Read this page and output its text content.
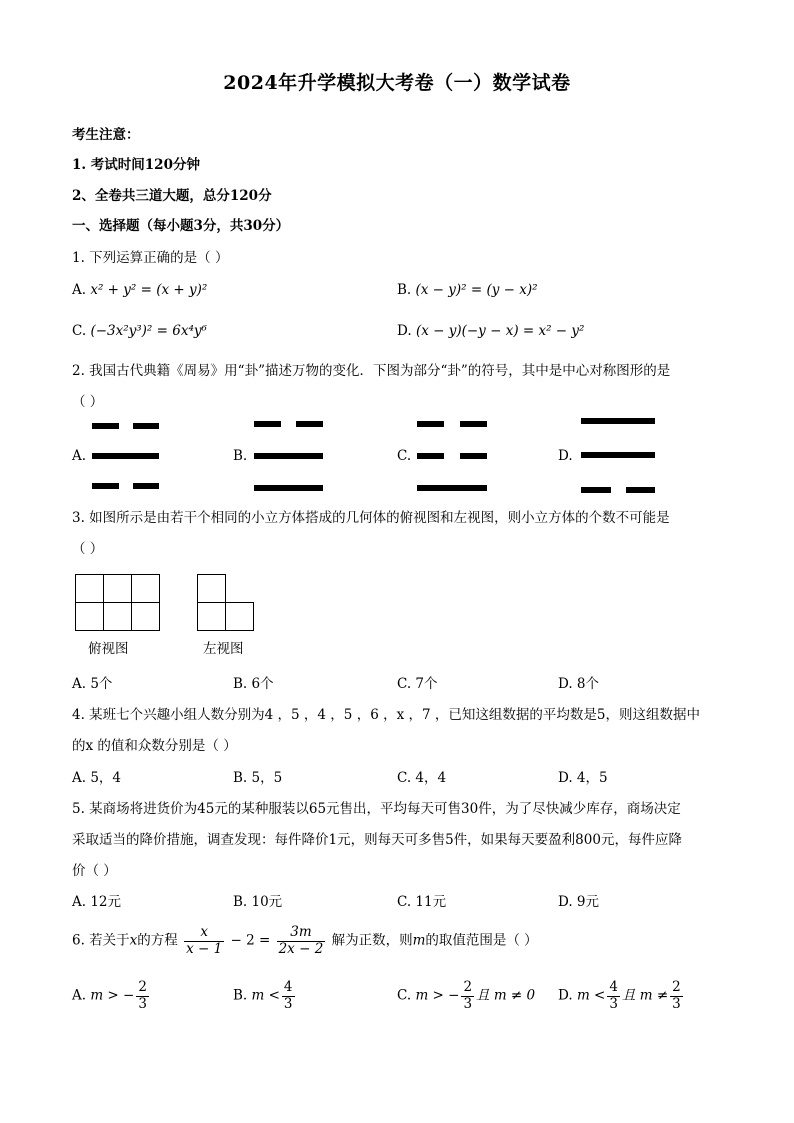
2024年升学模拟大考卷（一）数学试卷
考生注意：
1. 考试时间120分钟
2、全卷共三道大题，总分120分
一、选择题（每小题3分，共30分）
1. 下列运算正确的是（ ）
A. x² + y² = (x + y)²	B. (x − y)² = (y − x)²
C. (−3x²y³)² = 6x⁴y⁶	D. (x − y)(−y − x) = x² − y²
2. 我国古代典籍《周易》用“卦”描述万物的变化．下图为部分“卦”的符号，其中是中心对称图形的是
（ ）
A.	B.	C.	D.
3. 如图所示是由若干个相同的小立方体搭成的几何体的俯视图和左视图，则小立方体的个数不可能是
（ ）
俯视图	左视图
A. 5个	B. 6个	C. 7个	D. 8个
4. 某班七个兴趣小组人数分别为4 ，5 ，4 ，5 ，6 ，x ，7 ，已知这组数据的平均数是5，则这组数据中
的x 的值和众数分别是（ ）
A. 5，4	B. 5，5	C. 4，4	D. 4，5
5. 某商场将进货价为45元的某种服装以65元售出，平均每天可售30件，为了尽快减少库存，商场决定
采取适当的降价措施，调查发现：每件降价1元，则每天可多售5件，如果每天要盈利800元，每件应降
价（ ）
A. 12元	B. 10元	C. 11元	D. 9元
6. 若关于x的方程 $\frac{x}{x - 1} - 2 = \frac{3m}{2x - 2}$ 解为正数，则m的取值范围是（ ）
A. m > − $\frac{2}{3}$	B. $m < \frac{4}{3}$	C. m > − $\frac{2}{3}$ 且 m ≠ 0 D. $m < \frac{4}{3}$ 且 $m \ne \frac{2}{3}$
